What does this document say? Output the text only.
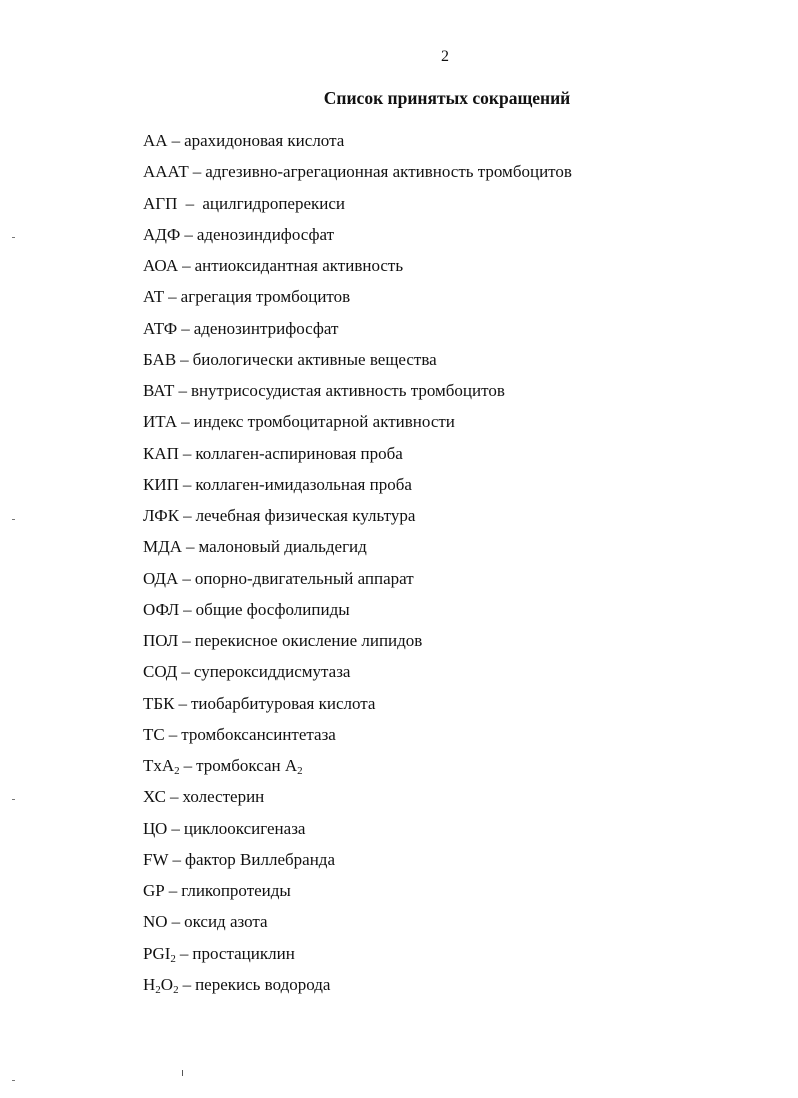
2
Список принятых сокращений
АА – арахидоновая кислота
АААТ – адгезивно-агрегационная активность тромбоцитов
АГП – ацилгидроперекиси
АДФ – аденозиндифосфат
АОА – антиоксидантная активность
АТ – агрегация тромбоцитов
АТФ – аденозинтрифосфат
БАВ – биологически активные вещества
ВАТ – внутрисосудистая активность тромбоцитов
ИТА – индекс тромбоцитарной активности
КАП – коллаген-аспириновая проба
КИП – коллаген-имидазольная проба
ЛФК – лечебная физическая культура
МДА – малоновый диальдегид
ОДА – опорно-двигательный аппарат
ОФЛ – общие фосфолипиды
ПОЛ – перекисное окисление липидов
СОД – супероксиддисмутаза
ТБК – тиобарбитуровая кислота
ТС – тромбоксансинтетаза
TxA$_2$ – тромбоксан $A_2$
ХС – холестерин
ЦО – циклооксигеназа
FW – фактор Виллебранда
GP – гликопротеиды
NO – оксид азота
$PGI_2$ – простациклин
$H_2O_2$ – перекись водорода
